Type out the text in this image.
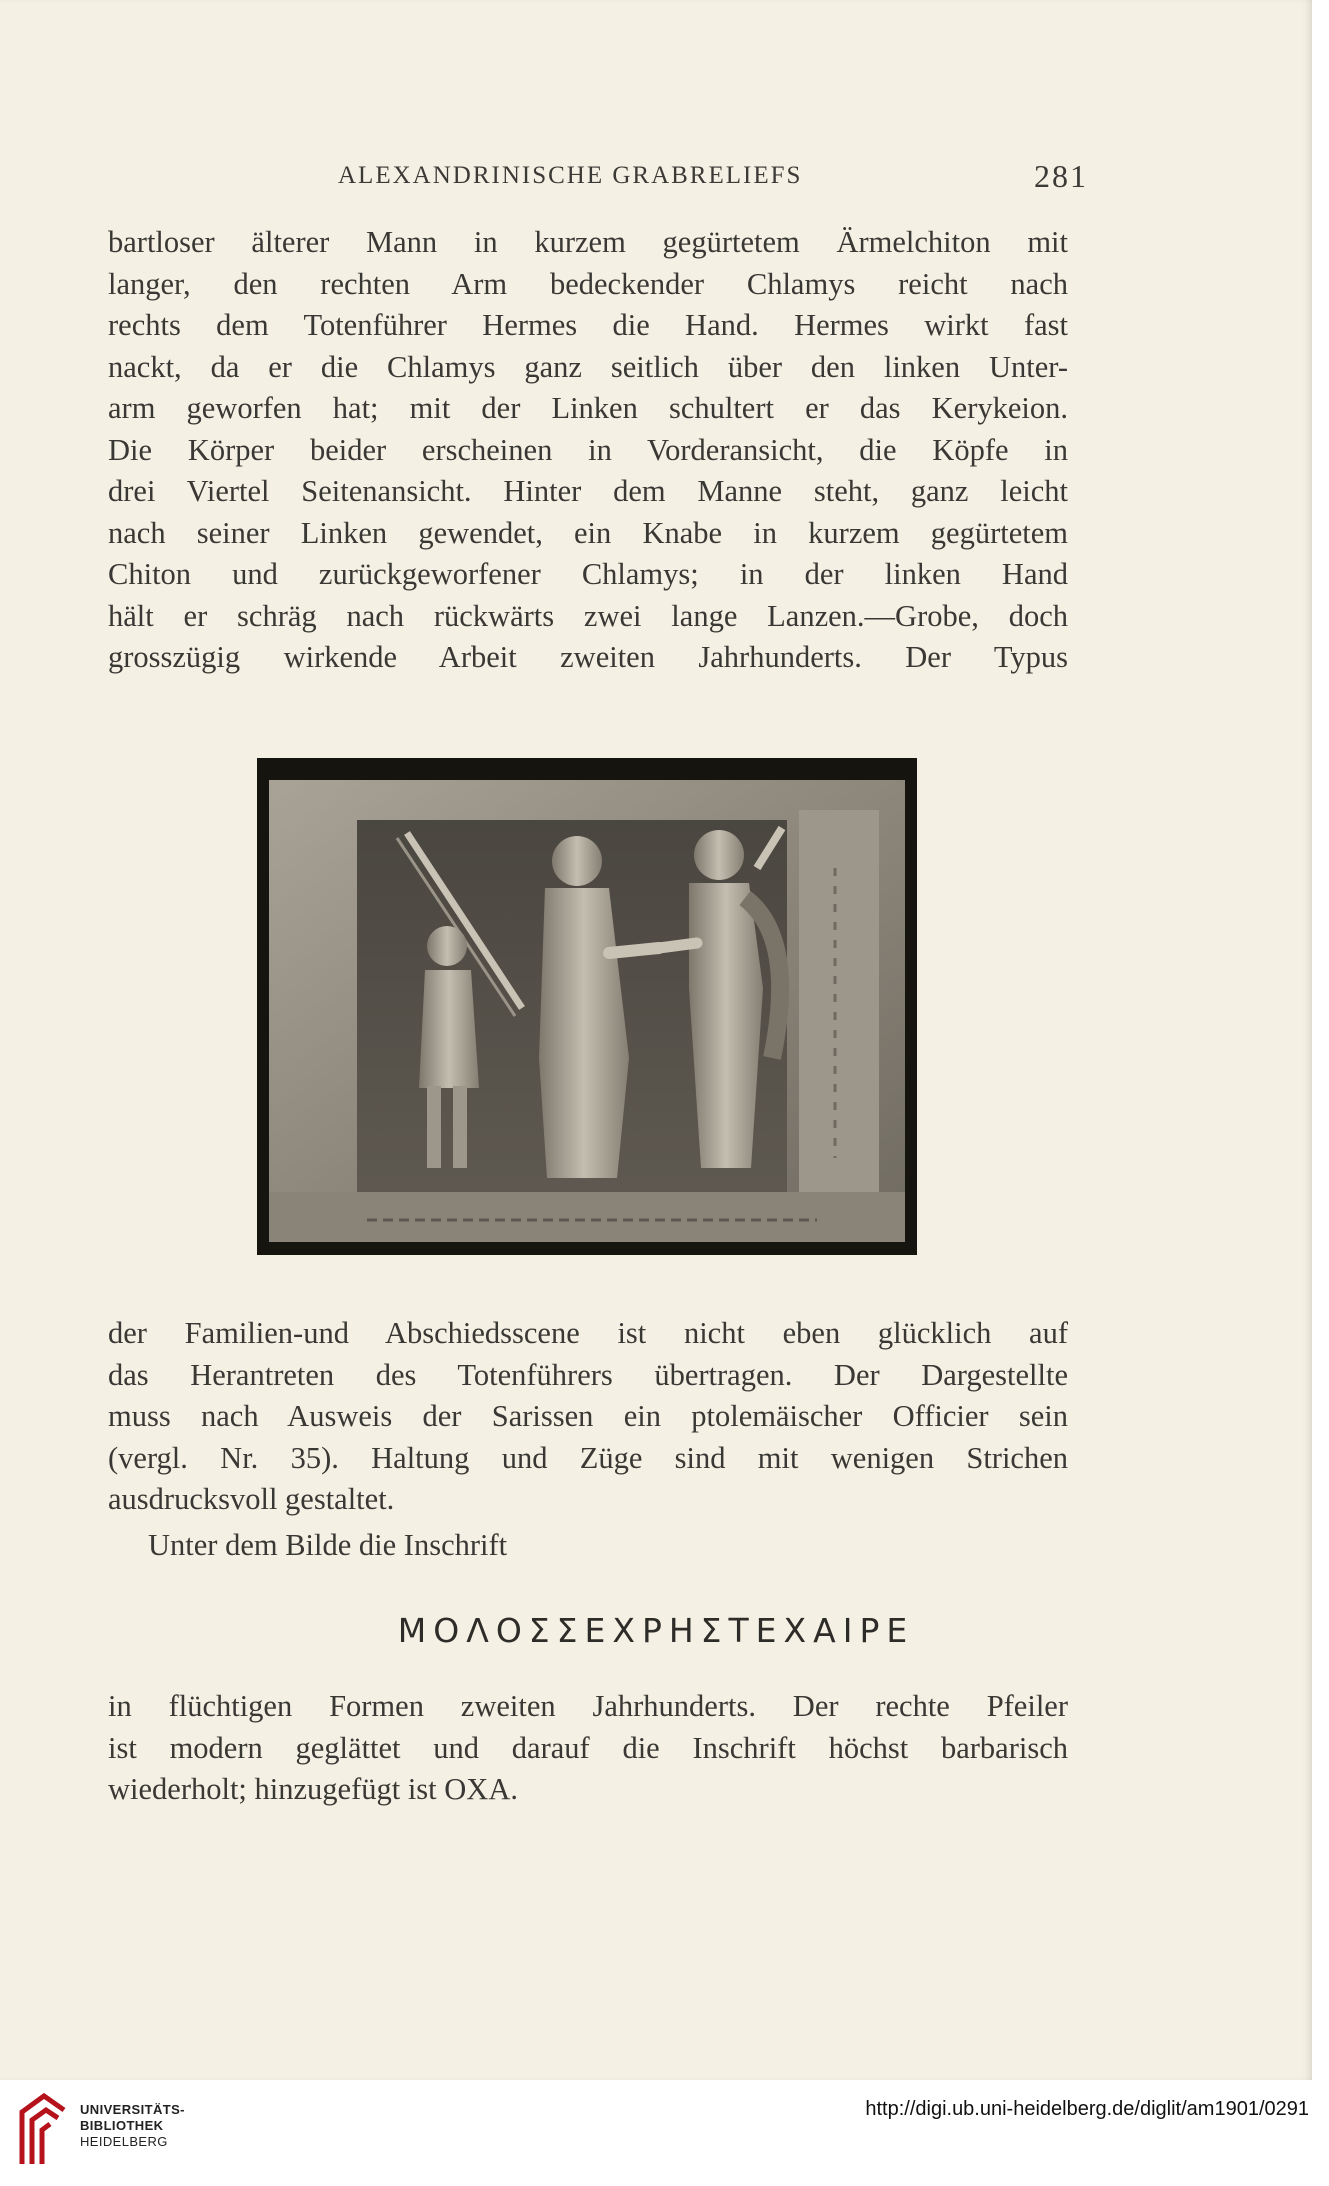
ALEXANDRINISCHE GRABRELIEFS	281

bartloser älterer Mann in kurzem gegürtetem Ärmelchiton mit
langer, den rechten Arm bedeckender Chlamys reicht nach
rechts dem Totenführer Hermes die Hand. Hermes wirkt fast
nackt, da er die Chlamys ganz seitlich über den linken Unter-
arm geworfen hat; mit der Linken schultert er das Kerykeion.
Die Körper beider erscheinen in Vorderansicht, die Köpfe in
drei Viertel Seitenansicht. Hinter dem Manne steht, ganz leicht
nach seiner Linken gewendet, ein Knabe in kurzem gegürtetem
Chiton und zurückgeworfener Chlamys; in der linken Hand
hält er schräg nach rückwärts zwei lange Lanzen.—Grobe, doch
grosszügig wirkende Arbeit zweiten Jahrhunderts. Der Typus

der Familien-und Abschiedsscene ist nicht eben glücklich auf
das Herantreten des Totenführers übertragen. Der Dargestellte
muss nach Ausweis der Sarissen ein ptolemäischer Officier sein
(vergl. Nr. 35). Haltung und Züge sind mit wenigen Strichen
ausdrucksvoll gestaltet.

Unter dem Bilde die Inschrift

ΜΟΛΟΣΣΕΧΡΗΣΤΕΧΑΙΡΕ

in flüchtigen Formen zweiten Jahrhunderts. Der rechte Pfeiler
ist modern geglättet und darauf die Inschrift höchst barbarisch
wiederholt; hinzugefügt ist ΟΧΑ.

UNIVERSITÄTS-
BIBLIOTHEK
HEIDELBERG
http://digi.ub.uni-heidelberg.de/diglit/am1901/0291
